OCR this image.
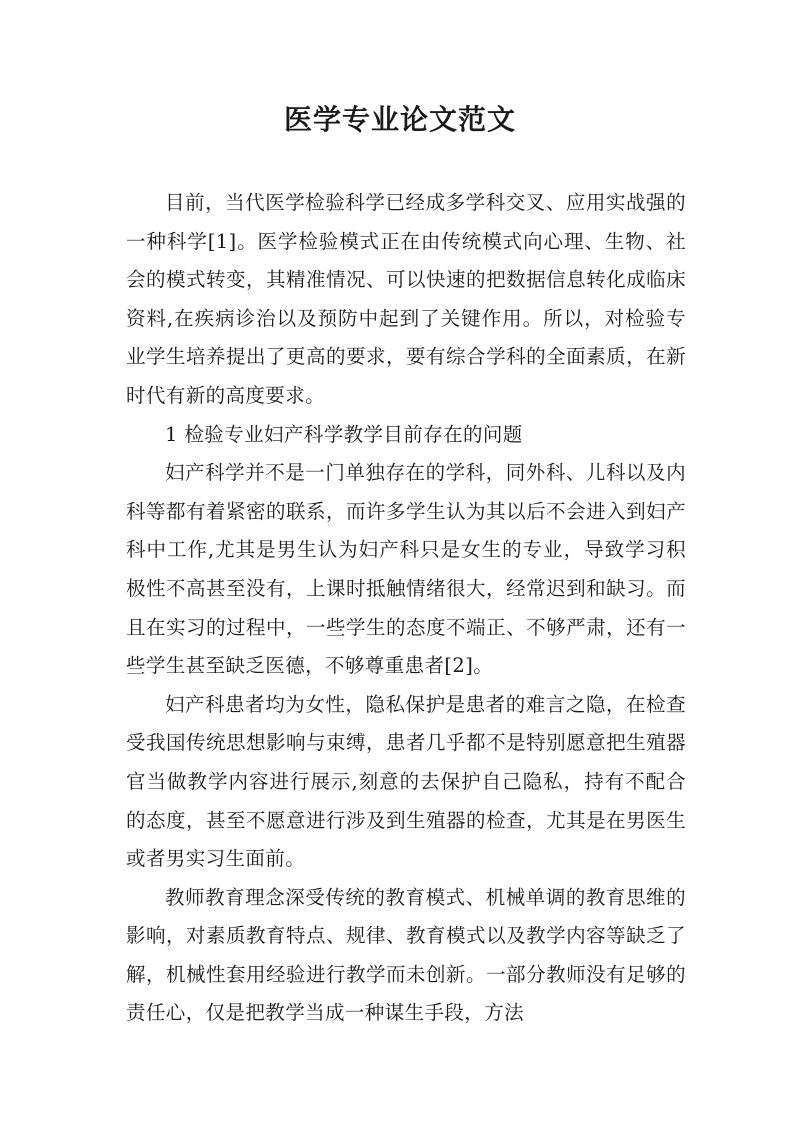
医学专业论文范文

目前，当代医学检验科学已经成多学科交叉、应用实战强的一种科学[1]。医学检验模式正在由传统模式向心理、生物、社会的模式转变，其精准情况、可以快速的把数据信息转化成临床资料,在疾病诊治以及预防中起到了关键作用。所以，对检验专业学生培养提出了更高的要求，要有综合学科的全面素质，在新时代有新的高度要求。

1 检验专业妇产科学教学目前存在的问题

妇产科学并不是一门单独存在的学科，同外科、儿科以及内科等都有着紧密的联系，而许多学生认为其以后不会进入到妇产科中工作,尤其是男生认为妇产科只是女生的专业，导致学习积极性不高甚至没有，上课时抵触情绪很大，经常迟到和缺习。而且在实习的过程中，一些学生的态度不端正、不够严肃，还有一些学生甚至缺乏医德，不够尊重患者[2]。

妇产科患者均为女性，隐私保护是患者的难言之隐，在检查受我国传统思想影响与束缚，患者几乎都不是特别愿意把生殖器官当做教学内容进行展示,刻意的去保护自己隐私，持有不配合的态度，甚至不愿意进行涉及到生殖器的检查，尤其是在男医生或者男实习生面前。

教师教育理念深受传统的教育模式、机械单调的教育思维的影响，对素质教育特点、规律、教育模式以及教学内容等缺乏了解，机械性套用经验进行教学而未创新。一部分教师没有足够的责任心，仅是把教学当成一种谋生手段，方法
